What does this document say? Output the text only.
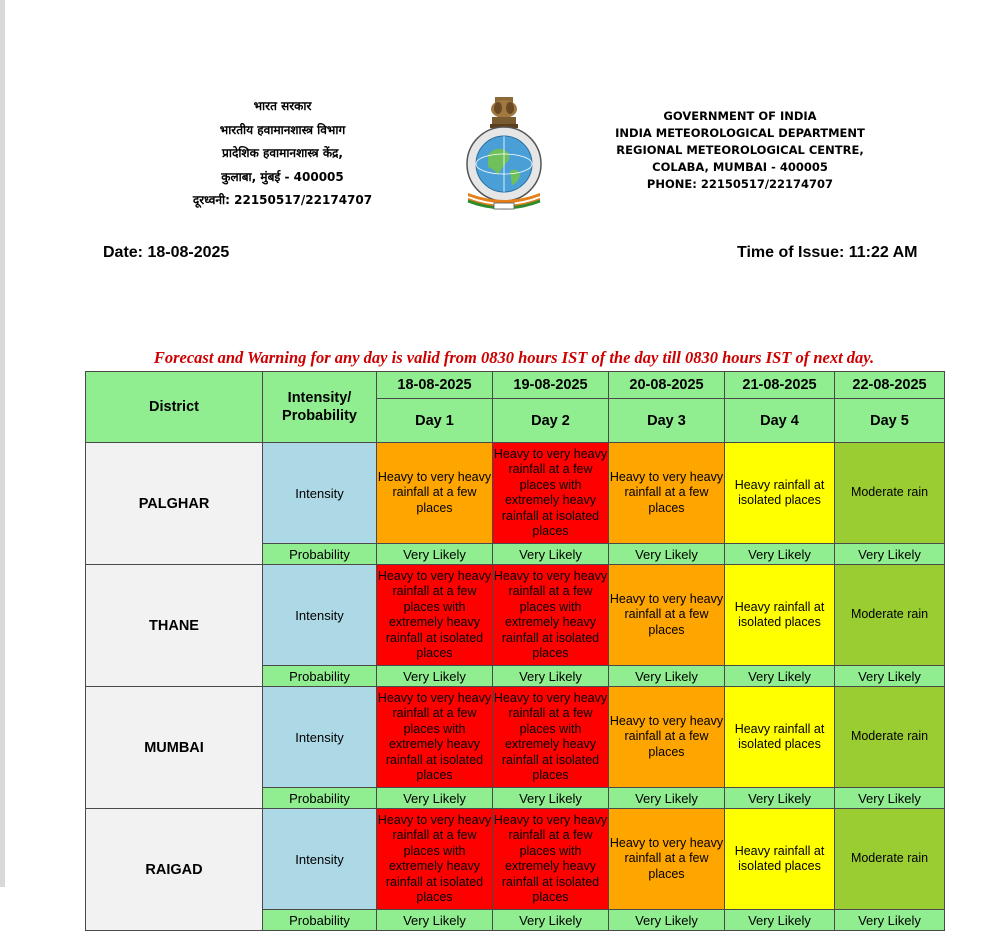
भारत सरकार
भारतीय हवामानशास्त्र विभाग
प्रादेशिक हवामानशास्त्र केंद्र,
कुलाबा, मुंबई - 400005
दूरध्वनी: 22150517/22174707
GOVERNMENT OF INDIA
INDIA METEOROLOGICAL DEPARTMENT
REGIONAL METEOROLOGICAL CENTRE,
COLABA, MUMBAI - 400005
PHONE: 22150517/22174707
Date: 18-08-2025	Time of Issue: 11:22 AM
Forecast and Warning for any day is valid from 0830 hours IST of the day till 0830 hours IST of next day.
District	Intensity/ Probability	18-08-2025	19-08-2025	20-08-2025	21-08-2025	22-08-2025
		Day 1	Day 2	Day 3	Day 4	Day 5
PALGHAR	Intensity	Heavy to very heavy rainfall at a few places	Heavy to very heavy rainfall at a few places with extremely heavy rainfall at isolated places	Heavy to very heavy rainfall at a few places	Heavy rainfall at isolated places	Moderate rain
	Probability	Very Likely	Very Likely	Very Likely	Very Likely	Very Likely
THANE	Intensity	Heavy to very heavy rainfall at a few places with extremely heavy rainfall at isolated places	Heavy to very heavy rainfall at a few places with extremely heavy rainfall at isolated places	Heavy to very heavy rainfall at a few places	Heavy rainfall at isolated places	Moderate rain
	Probability	Very Likely	Very Likely	Very Likely	Very Likely	Very Likely
MUMBAI	Intensity	Heavy to very heavy rainfall at a few places with extremely heavy rainfall at isolated places	Heavy to very heavy rainfall at a few places with extremely heavy rainfall at isolated places	Heavy to very heavy rainfall at a few places	Heavy rainfall at isolated places	Moderate rain
	Probability	Very Likely	Very Likely	Very Likely	Very Likely	Very Likely
RAIGAD	Intensity	Heavy to very heavy rainfall at a few places with extremely heavy rainfall at isolated places	Heavy to very heavy rainfall at a few places with extremely heavy rainfall at isolated places	Heavy to very heavy rainfall at a few places	Heavy rainfall at isolated places	Moderate rain
	Probability	Very Likely	Very Likely	Very Likely	Very Likely	Very Likely
